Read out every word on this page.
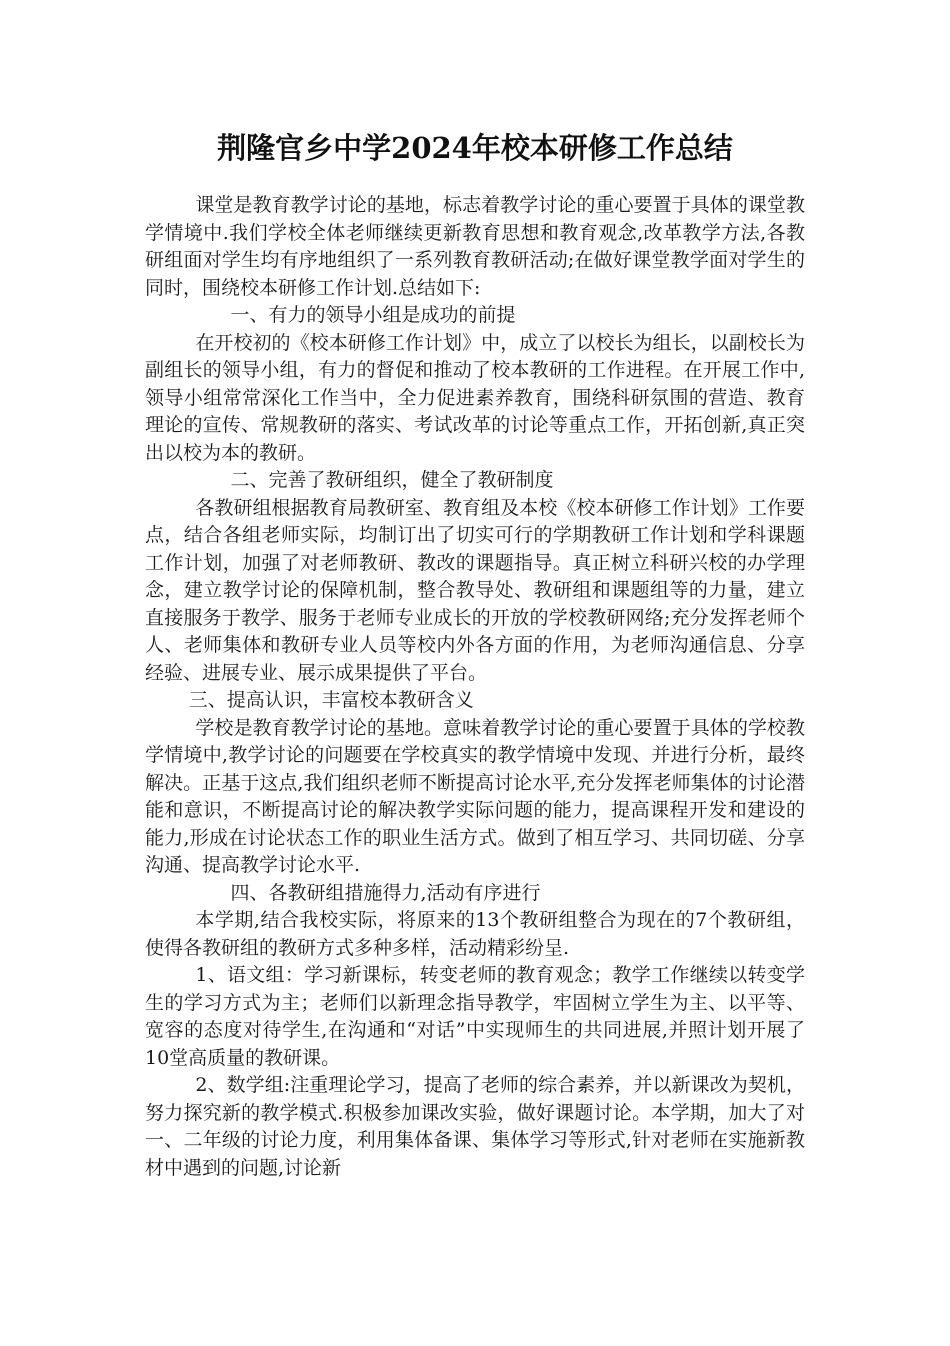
荆隆官乡中学2024年校本研修工作总结

课堂是教育教学讨论的基地，标志着教学讨论的重心要置于具体的课堂教学情境中.我们学校全体老师继续更新教育思想和教育观念,改革教学方法,各教研组面对学生均有序地组织了一系列教育教研活动;在做好课堂教学面对学生的同时，围绕校本研修工作计划.总结如下:

一、有力的领导小组是成功的前提

在开校初的《校本研修工作计划》中，成立了以校长为组长，以副校长为副组长的领导小组，有力的督促和推动了校本教研的工作进程。在开展工作中,领导小组常常深化工作当中，全力促进素养教育，围绕科研氛围的营造、教育理论的宣传、常规教研的落实、考试改革的讨论等重点工作，开拓创新,真正突出以校为本的教研。

二、完善了教研组织，健全了教研制度

各教研组根据教育局教研室、教育组及本校《校本研修工作计划》工作要点，结合各组老师实际，均制订出了切实可行的学期教研工作计划和学科课题工作计划，加强了对老师教研、教改的课题指导。真正树立科研兴校的办学理念，建立教学讨论的保障机制，整合教导处、教研组和课题组等的力量，建立直接服务于教学、服务于老师专业成长的开放的学校教研网络;充分发挥老师个人、老师集体和教研专业人员等校内外各方面的作用，为老师沟通信息、分享经验、进展专业、展示成果提供了平台。

三、提高认识，丰富校本教研含义

学校是教育教学讨论的基地。意味着教学讨论的重心要置于具体的学校教学情境中,教学讨论的问题要在学校真实的教学情境中发现、并进行分析，最终解决。正基于这点,我们组织老师不断提高讨论水平,充分发挥老师集体的讨论潜能和意识，不断提高讨论的解决教学实际问题的能力，提高课程开发和建设的能力,形成在讨论状态工作的职业生活方式。做到了相互学习、共同切磋、分享沟通、提高教学讨论水平.

四、各教研组措施得力,活动有序进行

本学期,结合我校实际，将原来的13个教研组整合为现在的7个教研组，使得各教研组的教研方式多种多样，活动精彩纷呈.

1、语文组：学习新课标，转变老师的教育观念；教学工作继续以转变学生的学习方式为主；老师们以新理念指导教学，牢固树立学生为主、以平等、宽容的态度对待学生,在沟通和“对话”中实现师生的共同进展,并照计划开展了10堂高质量的教研课。

2、数学组:注重理论学习，提高了老师的综合素养，并以新课改为契机，努力探究新的教学模式.积极参加课改实验，做好课题讨论。本学期，加大了对一、二年级的讨论力度，利用集体备课、集体学习等形式,针对老师在实施新教材中遇到的问题,讨论新
